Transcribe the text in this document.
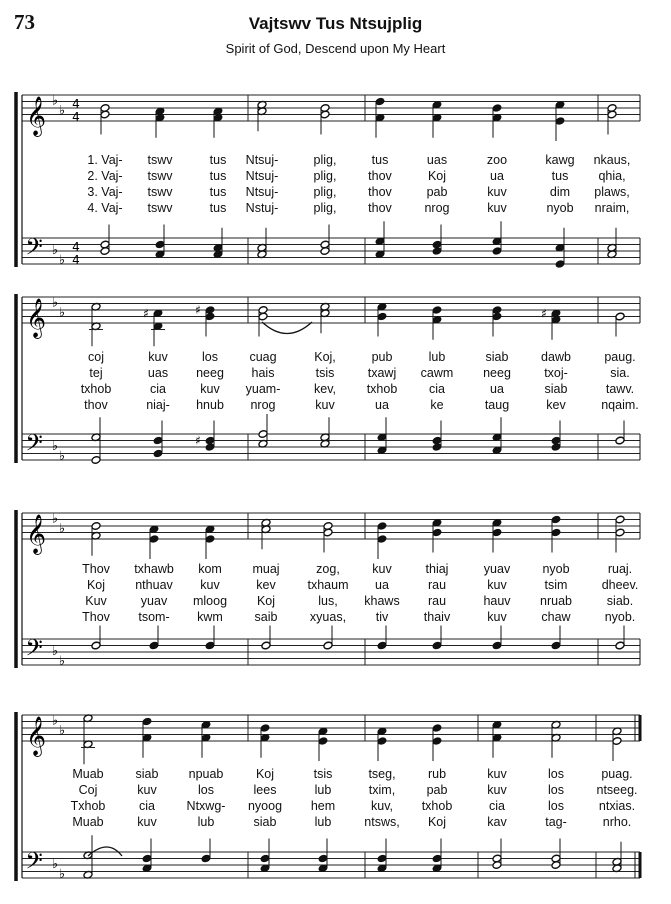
73	Vajtswv Tus Ntsujplig
Spirit of God, Descend upon My Heart
𝄞 ♭
♭ 4
4
𝄢 ♭
♭
4
4
𝄞 ♭
♭
𝄢 ♭
♭
♯	♯
♯
♯
𝄞 ♭
♭
𝄢 ♭
♭
𝄞 ♭
♭
𝄢 ♭
♭
1. Vaj- tswv	tus Ntsuj-	plig,	tus	uas	zoo	kawg nkaus,
2. Vaj- tswv	tus Ntsuj-	plig,	thov	Koj	ua	tus qhia,
3. Vaj- tswv	tus Ntsuj-	plig,	thov	pab	kuv	dim plaws,
4. Vaj- tswv	tus Nstuj-	plig,	thov	nrog	kuv	nyob nraim,
coj	kuv	los	cuag	Koj,	pub	lub	siab	dawb	paug.
tej	uas neeg hais	tsis	txawj cawm neeg	txoj-	sia.
txhob	cia	kuv yuam-	kev, txhob	cia	ua	siab	tawv.
thov	niaj- hnub nrog	kuv	ua	ke	taug	kev	nqaim.
Thov txhawb kom muaj	zog,	kuv	thiaj	yuav	nyob	ruaj.
Koj nthuav kuv	kev	txhaum ua	rau	kuv	tsim	dheev.
Kuv	yuav mloog Koj	lus, khaws rau	hauv nruab	siab.
Thov tsom- kwm	saib	xyuas, tiv	thaiv	kuv	chaw	nyob.
Muab	siab npuab	Koj	tsis	tseg,	rub	kuv	los	puag.
Coj	kuv	los	lees	lub	txim,	pab	kuv	los	ntseeg.
Txhob	cia	Ntxwg- nyoog hem	kuv, txhob	cia	los	ntxias.
Muab	kuv	lub	siab	lub	ntsws, Koj	kav	tag-	nrho.
